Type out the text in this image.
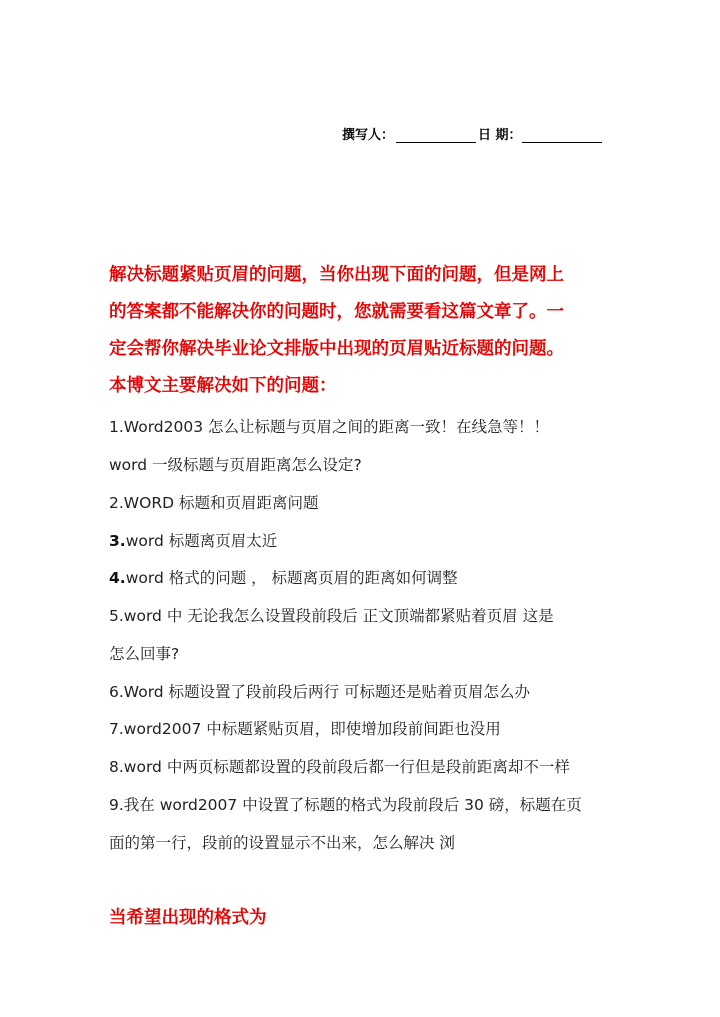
撰写人：	日 期：
解决标题紧贴页眉的问题，当你出现下面的问题，但是网上
的答案都不能解决你的问题时，您就需要看这篇文章了。一
定会帮你解决毕业论文排版中出现的页眉贴近标题的问题。
本博文主要解决如下的问题：
1.Word2003 怎么让标题与页眉之间的距离一致！在线急等！！
word 一级标题与页眉距离怎么设定?
2.WORD 标题和页眉距离问题
3.word 标题离页眉太近
4.word 格式的问题 ， 标题离页眉的距离如何调整
5.word 中 无论我怎么设置段前段后 正文顶端都紧贴着页眉 这是
怎么回事?
6.Word 标题设置了段前段后两行 可标题还是贴着页眉怎么办
7.word2007 中标题紧贴页眉，即使增加段前间距也没用
8.word 中两页标题都设置的段前段后都一行但是段前距离却不一样
9.我在 word2007 中设置了标题的格式为段前段后 30 磅，标题在页
面的第一行，段前的设置显示不出来，怎么解决 浏
当希望出现的格式为
